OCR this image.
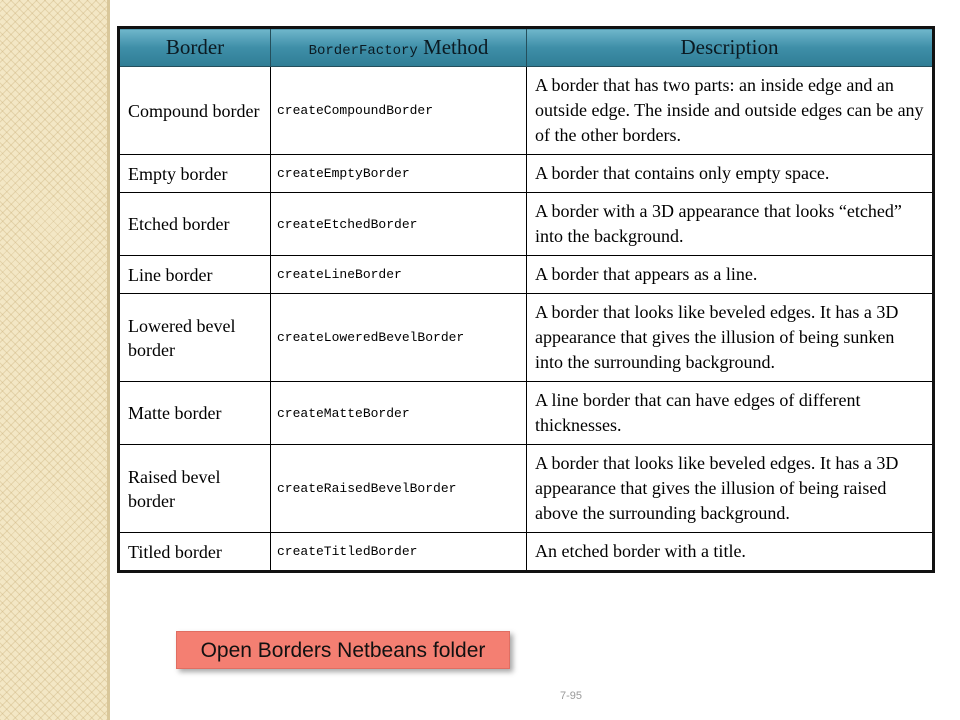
Border	BorderFactory Method	Description
Compound border	createCompoundBorder	A border that has two parts: an inside edge and an outside edge. The inside and outside edges can be any of the other borders.
Empty border	createEmptyBorder	A border that contains only empty space.
Etched border	createEtchedBorder	A border with a 3D appearance that looks “etched” into the background.
Line border	createLineBorder	A border that appears as a line.
Lowered bevel border	createLoweredBevelBorder	A border that looks like beveled edges. It has a 3D appearance that gives the illusion of being sunken into the surrounding background.
Matte border	createMatteBorder	A line border that can have edges of different thicknesses.
Raised bevel border	createRaisedBevelBorder	A border that looks like beveled edges. It has a 3D appearance that gives the illusion of being raised above the surrounding background.
Titled border	createTitledBorder	An etched border with a title.
Open Borders Netbeans folder
7-95
